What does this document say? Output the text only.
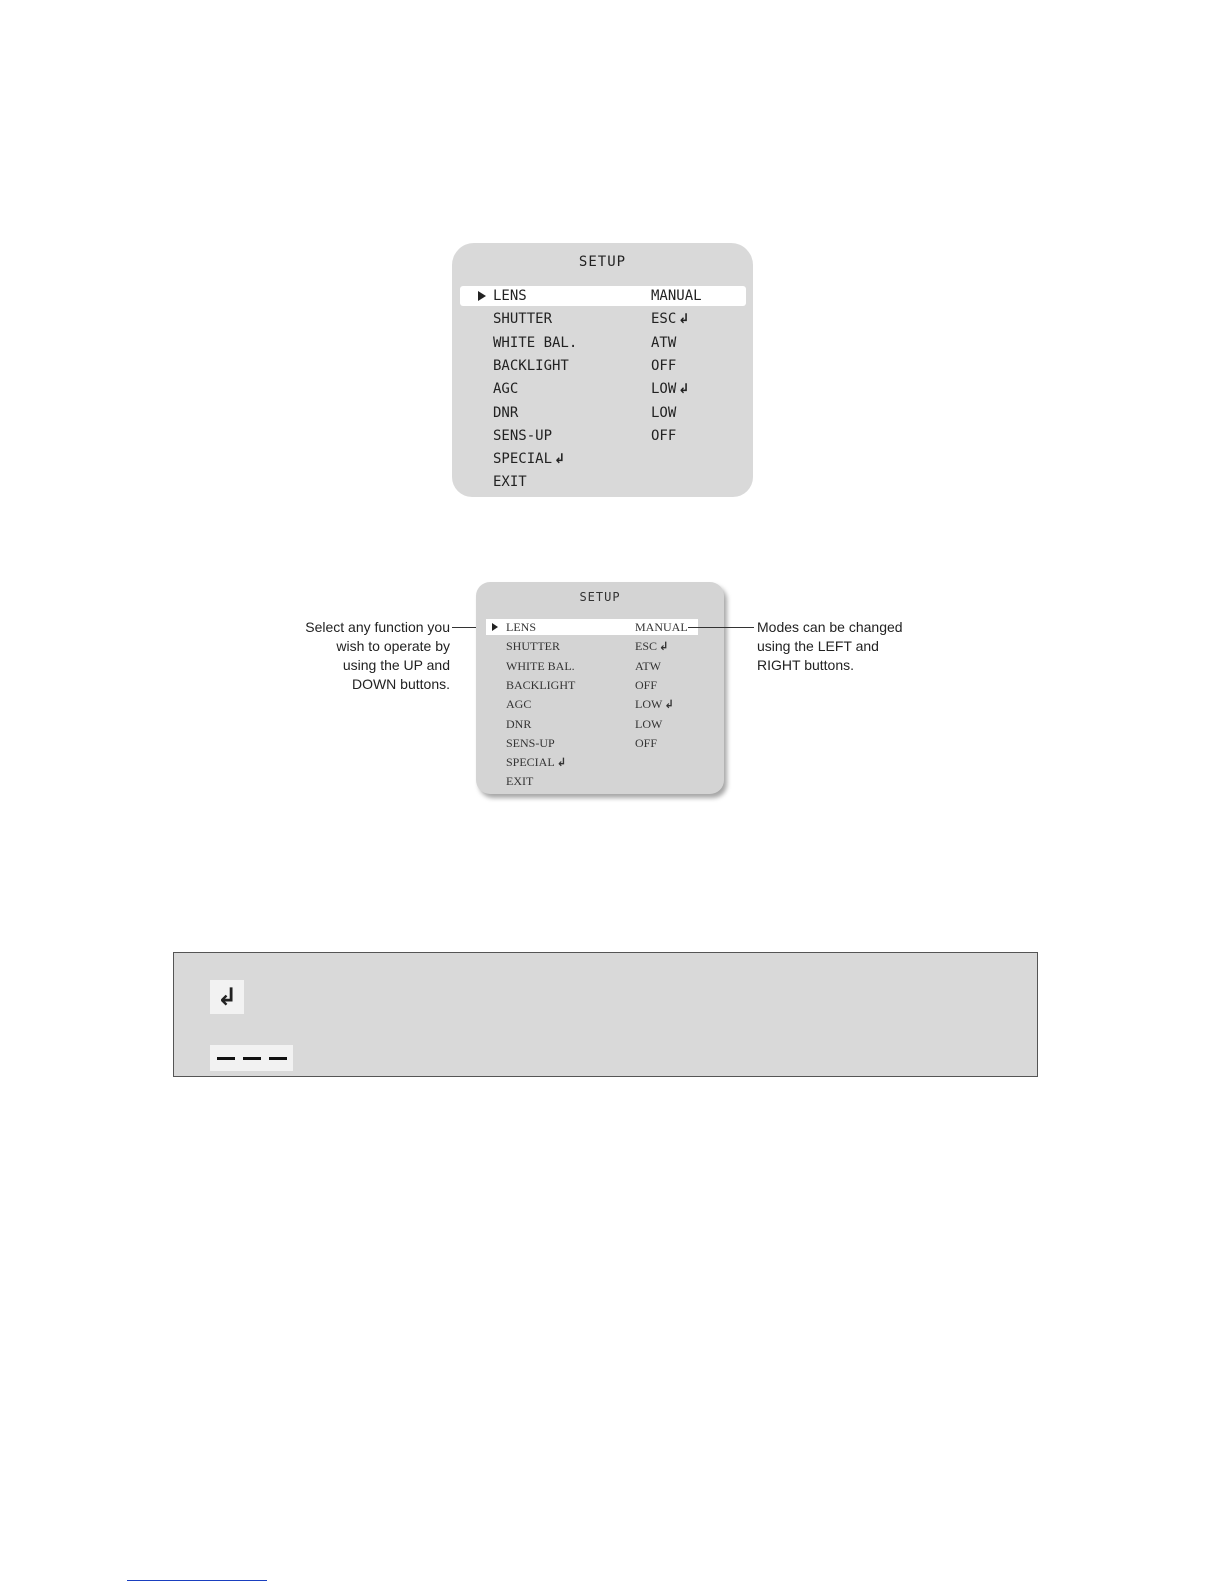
SETUP
LENS	MANUAL
SHUTTER	ESC ↲
WHITE BAL.	ATW
BACKLIGHT	OFF
AGC	LOW ↲
DNR	LOW
SENS-UP	OFF
SPECIAL ↲
EXIT
Select any function you
wish to operate by
using the UP and
DOWN buttons.
SETUP
LENS	MANUAL
SHUTTER	ESC ↲
WHITE BAL.	ATW
BACKLIGHT	OFF
AGC	LOW ↲
DNR	LOW
SENS-UP	OFF
SPECIAL ↲
EXIT
Modes can be changed
using the LEFT and
RIGHT buttons.
↲
